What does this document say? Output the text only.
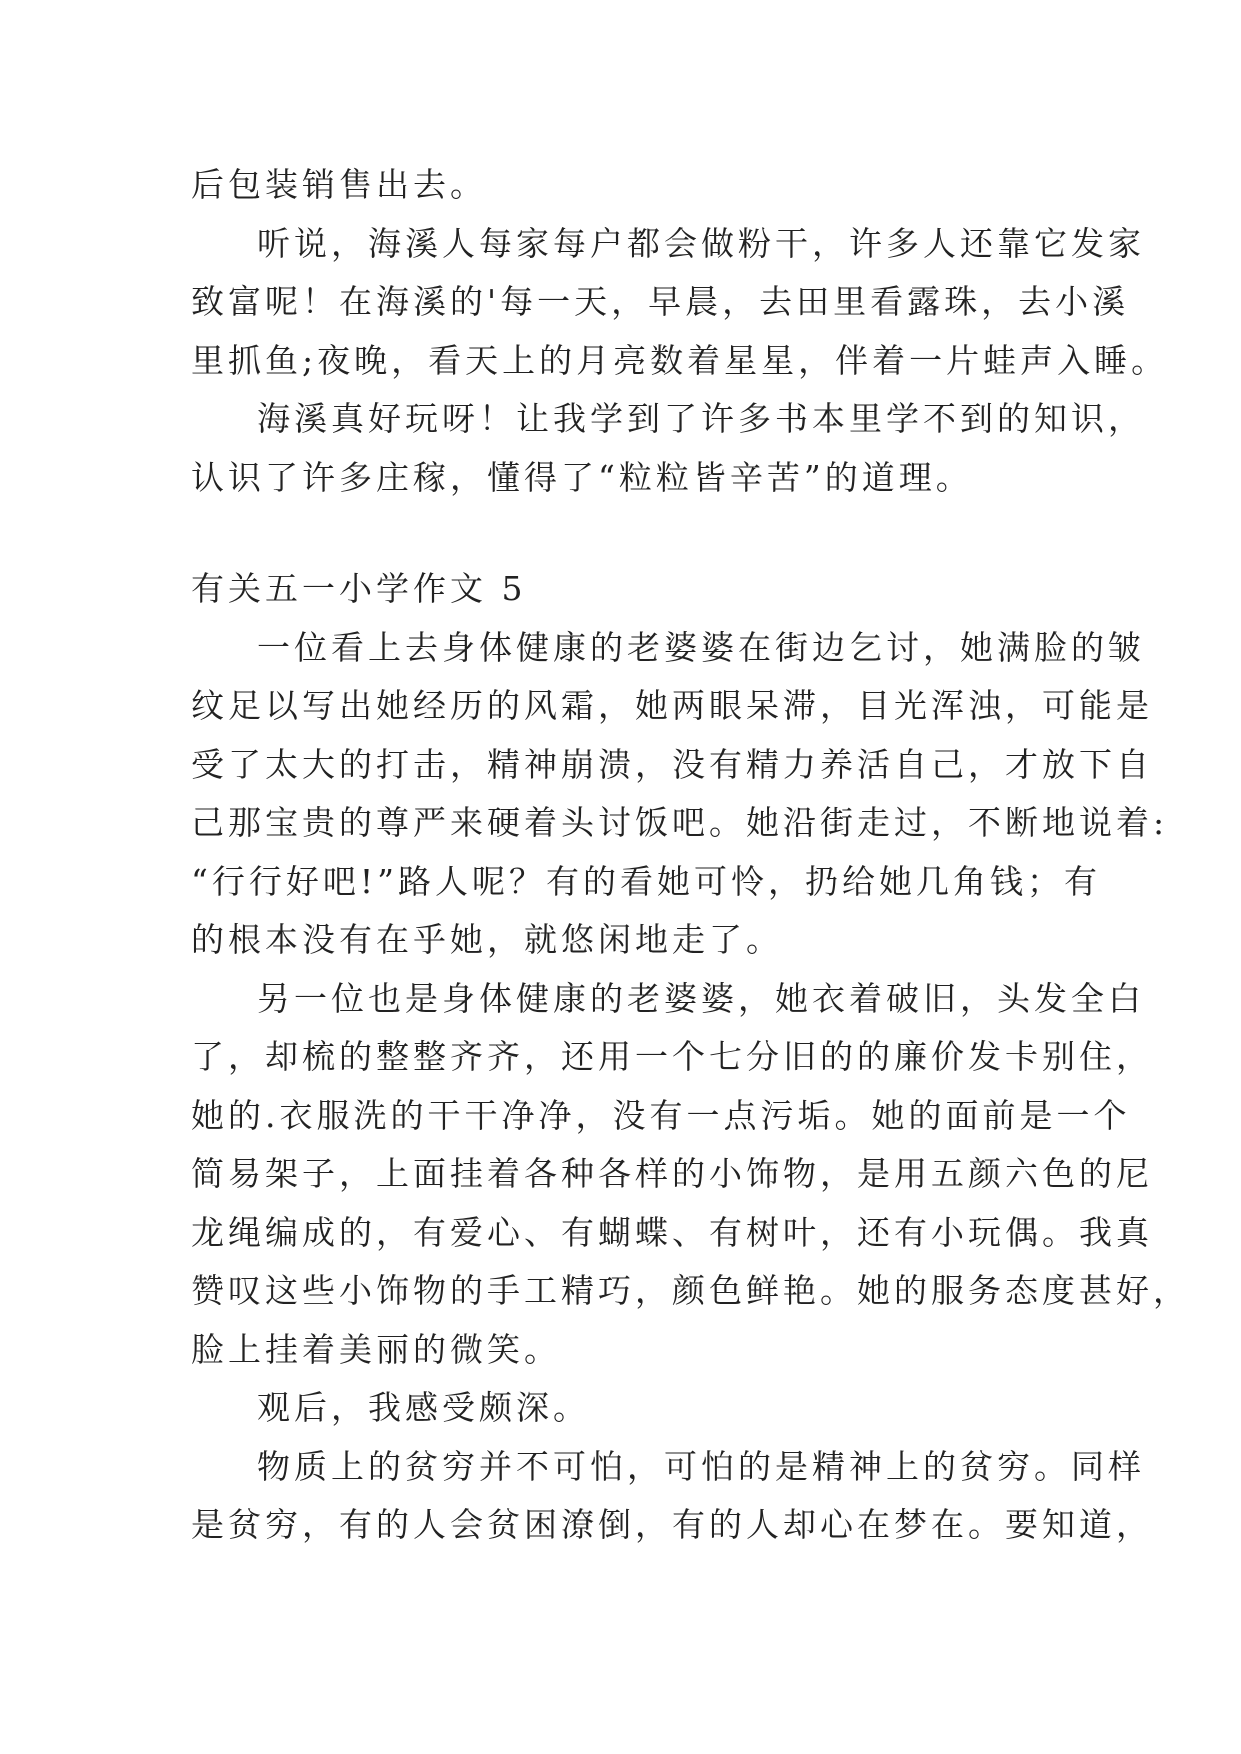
后包装销售出去。
听说，海溪人每家每户都会做粉干，许多人还靠它发家
致富呢！在海溪的'每一天，早晨，去田里看露珠，去小溪
里抓鱼;夜晚，看天上的月亮数着星星，伴着一片蛙声入睡。
海溪真好玩呀！让我学到了许多书本里学不到的知识，
认识了许多庄稼，懂得了“粒粒皆辛苦”的道理。
有关五一小学作文 5
一位看上去身体健康的老婆婆在街边乞讨，她满脸的皱
纹足以写出她经历的风霜，她两眼呆滞，目光浑浊，可能是
受了太大的打击，精神崩溃，没有精力养活自己，才放下自
己那宝贵的尊严来硬着头讨饭吧。她沿街走过，不断地说着:
“行行好吧!”路人呢？有的看她可怜，扔给她几角钱；有
的根本没有在乎她，就悠闲地走了。
另一位也是身体健康的老婆婆，她衣着破旧，头发全白
了，却梳的整整齐齐，还用一个七分旧的的廉价发卡别住，
她的.衣服洗的干干净净，没有一点污垢。她的面前是一个
简易架子，上面挂着各种各样的小饰物，是用五颜六色的尼
龙绳编成的，有爱心、有蝴蝶、有树叶，还有小玩偶。我真
赞叹这些小饰物的手工精巧，颜色鲜艳。她的服务态度甚好，
脸上挂着美丽的微笑。
观后，我感受颇深。
物质上的贫穷并不可怕，可怕的是精神上的贫穷。同样
是贫穷，有的人会贫困潦倒，有的人却心在梦在。要知道，
